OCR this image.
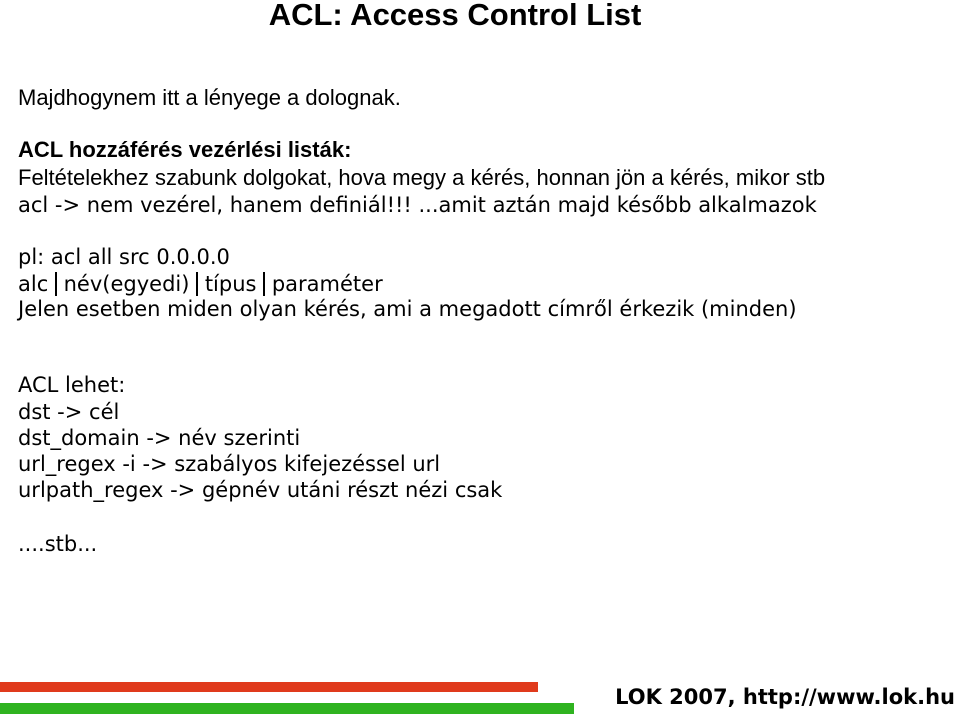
ACL: Access Control List
Majdhogynem itt a lényege a dolognak.
ACL hozzáférés vezérlési listák:
Feltételekhez szabunk dolgokat, hova megy a kérés, honnan jön a kérés, mikor stb
acl -> nem vezérel, hanem definiál!!! ...amit aztán majd később alkalmazok
pl: acl all src 0.0.0.0
alc név(egyedi) típus paraméter
Jelen esetben miden olyan kérés, ami a megadott címről érkezik (minden)
ACL lehet:
dst -> cél
dst_domain -> név szerinti
url_regex -i -> szabályos kifejezéssel url
urlpath_regex -> gépnév utáni részt nézi csak
....stb...
LOK 2007, http://www.lok.hu
